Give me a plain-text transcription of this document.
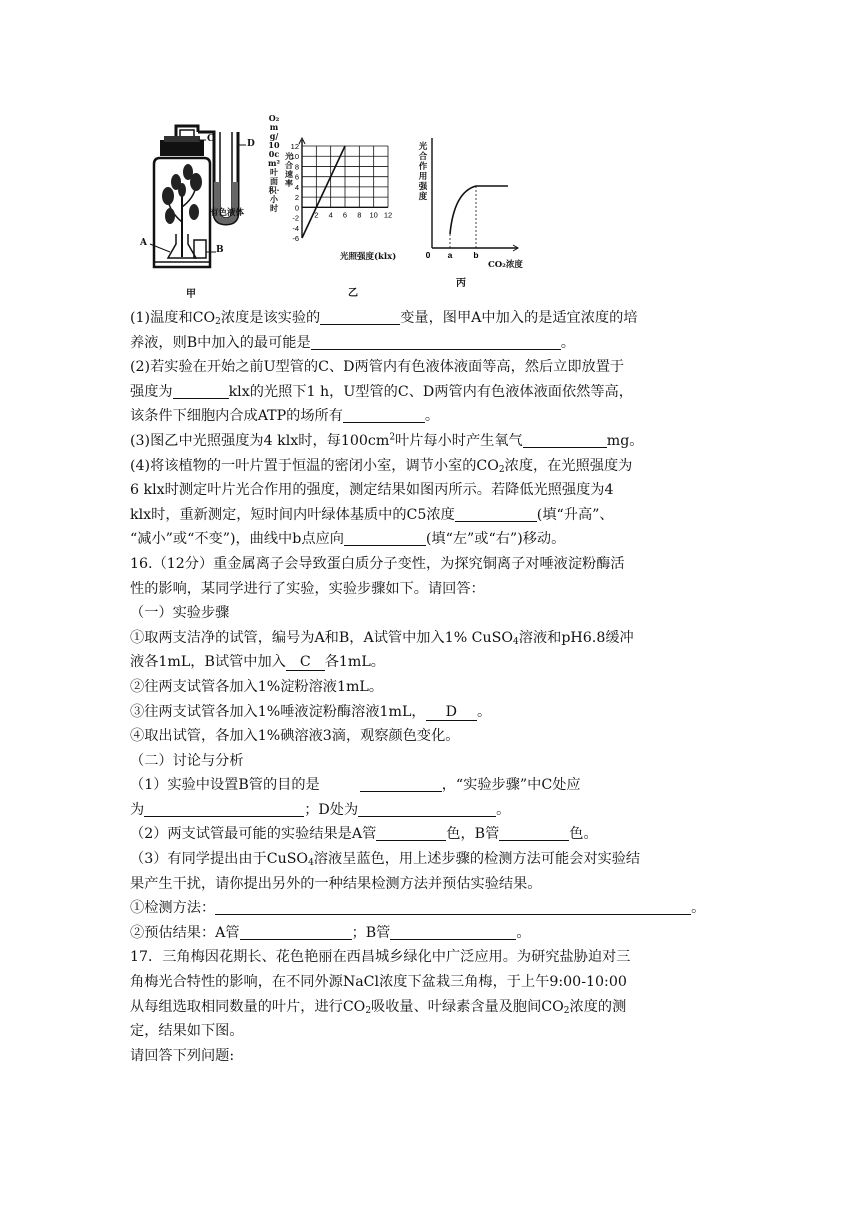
A
B
C	D
有色液体
甲
12
10
8
6
4
2
0
-2
-4
-6
2 4 6 8 10 12
O₂ mg/100cm²叶面积·小时
光合速率
光照强度(klx)
乙
0 a b
光合作用强度
CO₂浓度
丙

(1)温度和$CO_2$浓度是该实验的	变量，图甲A中加入的是适宜浓度的培

养液，则B中加入的最可能是	。

(2)若实验在开始之前U型管的C、D两管内有色液体液面等高，然后立即放置于

强度为	klx的光照下1 h，U型管的C、D两管内有色液体液面依然等高，

该条件下细胞内合成ATP的场所有	。

(3)图乙中光照强度为4 klx时，每$100cm^2$叶片每小时产生氧气	mg。

(4)将该植物的一叶片置于恒温的密闭小室，调节小室的$CO_2$浓度，在光照强度为

6 klx时测定叶片光合作用的强度，测定结果如图丙所示。若降低光照强度为4

klx时，重新测定，短时间内叶绿体基质中的C5浓度	(填“升高”、

“减小”或“不变”)，曲线中b点应向	(填“左”或“右”)移动。

16.（12分）重金属离子会导致蛋白质分子变性，为探究铜离子对唾液淀粉酶活

性的影响，某同学进行了实验，实验步骤如下。请回答：

（一）实验步骤

①取两支洁净的试管，编号为A和B，A试管中加入1% CuSO$_4$溶液和pH6.8缓冲

液各1mL，B试管中加入 C 各1mL。

②往两支试管各加入1%淀粉溶液1mL。

③往两支试管各加入1%唾液淀粉酶溶液1mL， D 。

④取出试管，各加入1%碘溶液3滴，观察颜色变化。

（二）讨论与分析

（1）实验中设置B管的目的是	，“实验步骤”中C处应

为	；D处为	。

（2）两支试管最可能的实验结果是A管	色，B管	色。

（3）有同学提出由于CuSO$_4$溶液呈蓝色，用上述步骤的检测方法可能会对实验结

果产生干扰，请你提出另外的一种结果检测方法并预估实验结果。

①检测方法：	。

②预估结果：A管	；B管	。

17．三角梅因花期长、花色艳丽在西昌城乡绿化中广泛应用。为研究盐胁迫对三

角梅光合特性的影响，在不同外源NaCl浓度下盆栽三角梅，于上午9:00-10:00

从每组选取相同数量的叶片，进行$CO_2$吸收量、叶绿素含量及胞间$CO_2$浓度的测

定，结果如下图。

请回答下列问题:
